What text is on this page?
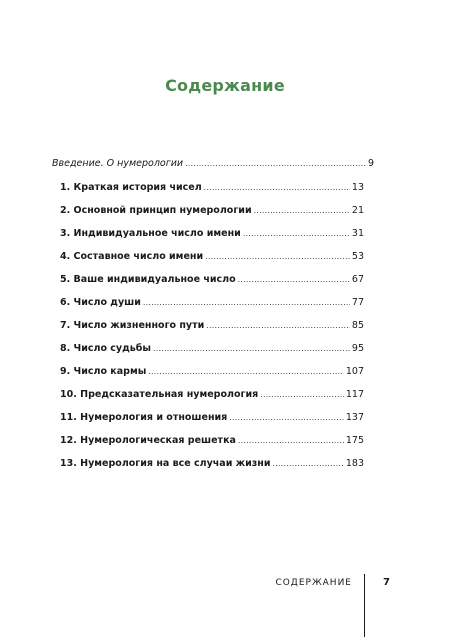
Содержание
Введение. О нумерологии .....	9
1. Краткая история чисел .....	13
2. Основной принцип нумерологии .....	21
3. Индивидуальное число имени .....	31
4. Составное число имени .....	53
5. Ваше индивидуальное число .....	67
6. Число души .....	77
7. Число жизненного пути .....	85
8. Число судьбы .....	95
9. Число кармы .....	107
10. Предсказательная нумерология .....	117
11. Нумерология и отношения .....	137
12. Нумерологическая решетка .....	175
13. Нумерология на все случаи жизни .....	183
СОДЕРЖАНИЕ	7
